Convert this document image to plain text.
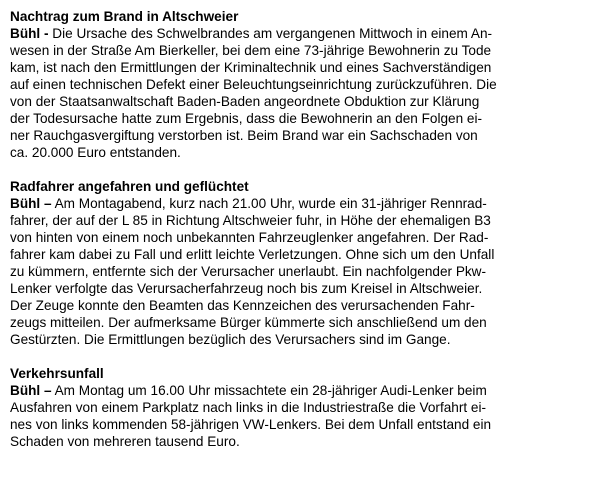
Nachtrag zum Brand in Altschweier
Bühl - Die Ursache des Schwelbrandes am vergangenen Mittwoch in einem An-
wesen in der Straße Am Bierkeller, bei dem eine 73-jährige Bewohnerin zu Tode
kam, ist nach den Ermittlungen der Kriminaltechnik und eines Sachverständigen
auf einen technischen Defekt einer Beleuchtungseinrichtung zurückzuführen. Die
von der Staatsanwaltschaft Baden-Baden angeordnete Obduktion zur Klärung
der Todesursache hatte zum Ergebnis, dass die Bewohnerin an den Folgen ei-
ner Rauchgasvergiftung verstorben ist. Beim Brand war ein Sachschaden von
ca. 20.000 Euro entstanden.
Radfahrer angefahren und geflüchtet
Bühl – Am Montagabend, kurz nach 21.00 Uhr, wurde ein 31-jähriger Rennrad-
fahrer, der auf der L 85 in Richtung Altschweier fuhr, in Höhe der ehemaligen B3
von hinten von einem noch unbekannten Fahrzeuglenker angefahren. Der Rad-
fahrer kam dabei zu Fall und erlitt leichte Verletzungen. Ohne sich um den Unfall
zu kümmern, entfernte sich der Verursacher unerlaubt. Ein nachfolgender Pkw-
Lenker verfolgte das Verursacherfahrzeug noch bis zum Kreisel in Altschweier.
Der Zeuge konnte den Beamten das Kennzeichen des verursachenden Fahr-
zeugs mitteilen. Der aufmerksame Bürger kümmerte sich anschließend um den
Gestürzten. Die Ermittlungen bezüglich des Verursachers sind im Gange.
Verkehrsunfall
Bühl – Am Montag um 16.00 Uhr missachtete ein 28-jähriger Audi-Lenker beim
Ausfahren von einem Parkplatz nach links in die Industriestraße die Vorfahrt ei-
nes von links kommenden 58-jährigen VW-Lenkers. Bei dem Unfall entstand ein
Schaden von mehreren tausend Euro.
